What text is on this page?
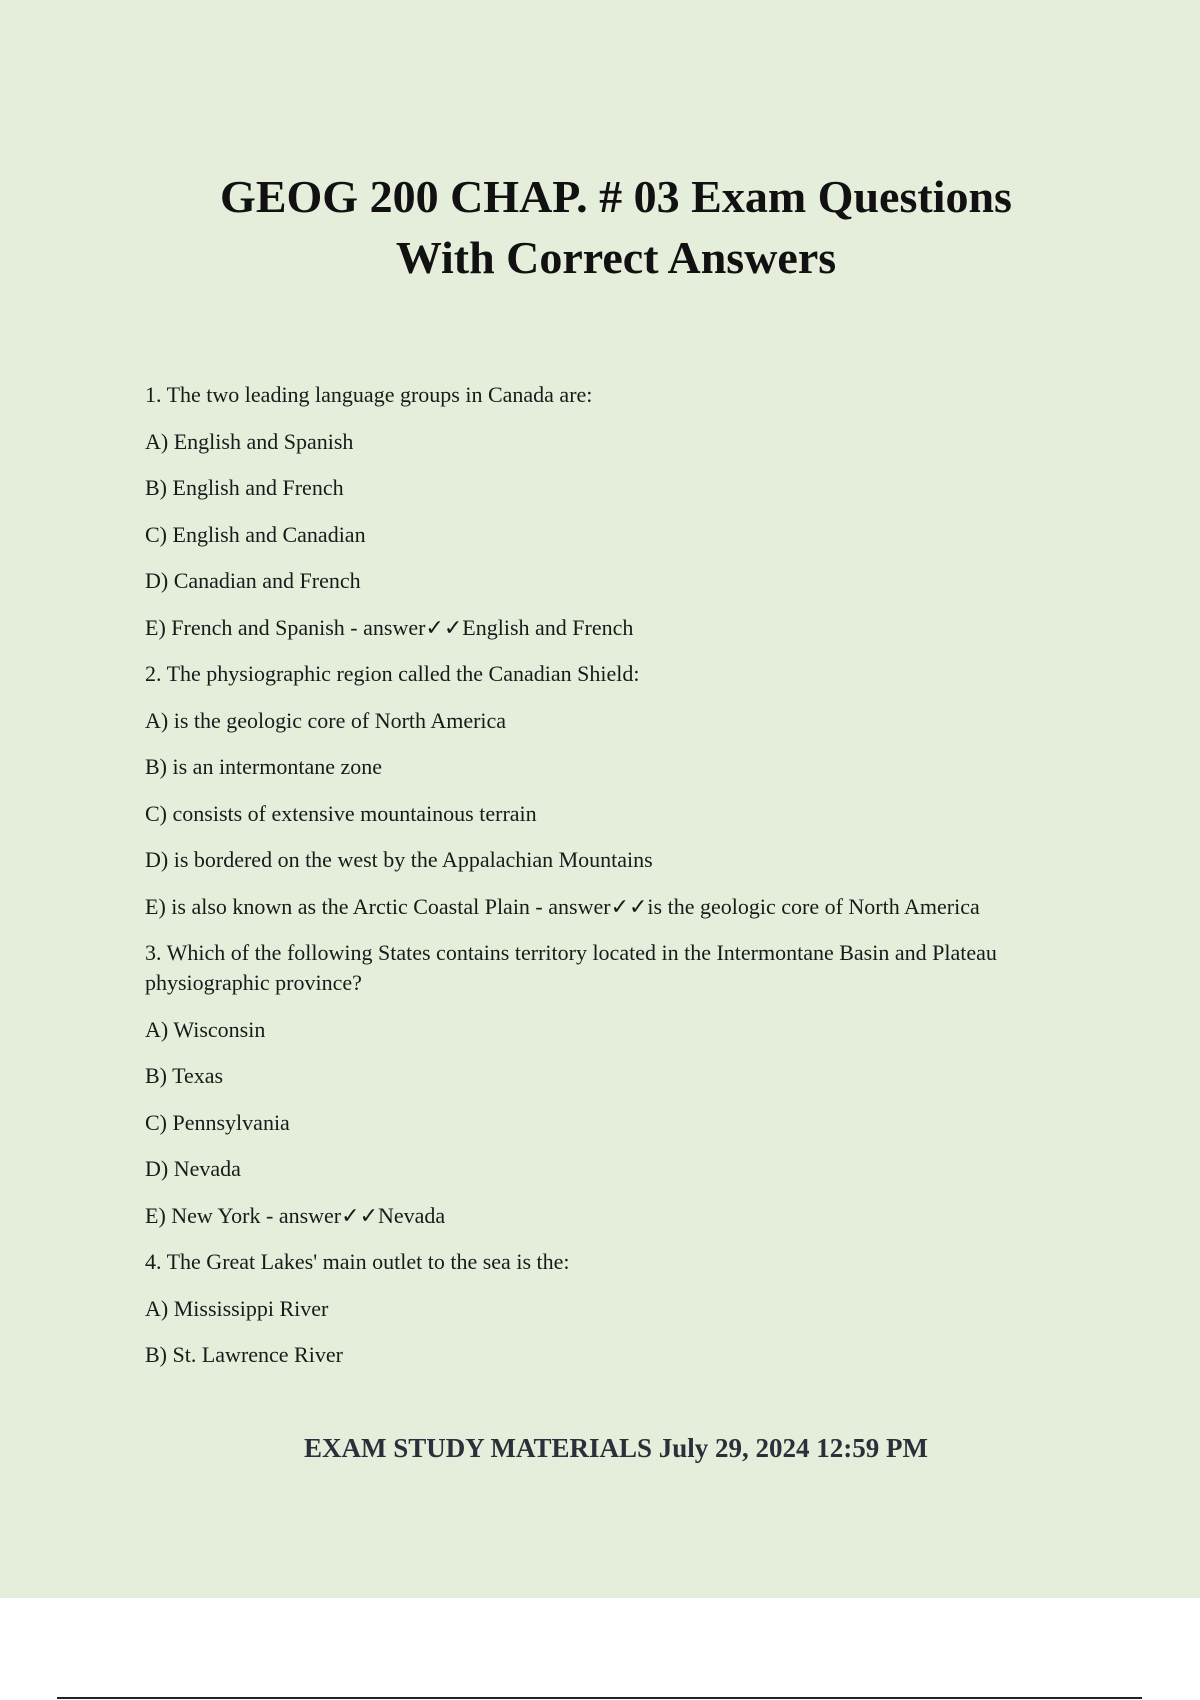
GEOG 200 CHAP. # 03 Exam Questions
With Correct Answers

1. The two leading language groups in Canada are:

A) English and Spanish

B) English and French

C) English and Canadian

D) Canadian and French

E) French and Spanish - answer✓✓English and French

2. The physiographic region called the Canadian Shield:

A) is the geologic core of North America

B) is an intermontane zone

C) consists of extensive mountainous terrain

D) is bordered on the west by the Appalachian Mountains

E) is also known as the Arctic Coastal Plain - answer✓✓is the geologic core of North America

3. Which of the following States contains territory located in the Intermontane Basin and Plateau physiographic province?

A) Wisconsin

B) Texas

C) Pennsylvania

D) Nevada

E) New York - answer✓✓Nevada

4. The Great Lakes' main outlet to the sea is the:

A) Mississippi River

B) St. Lawrence River

EXAM STUDY MATERIALS July 29, 2024 12:59 PM
